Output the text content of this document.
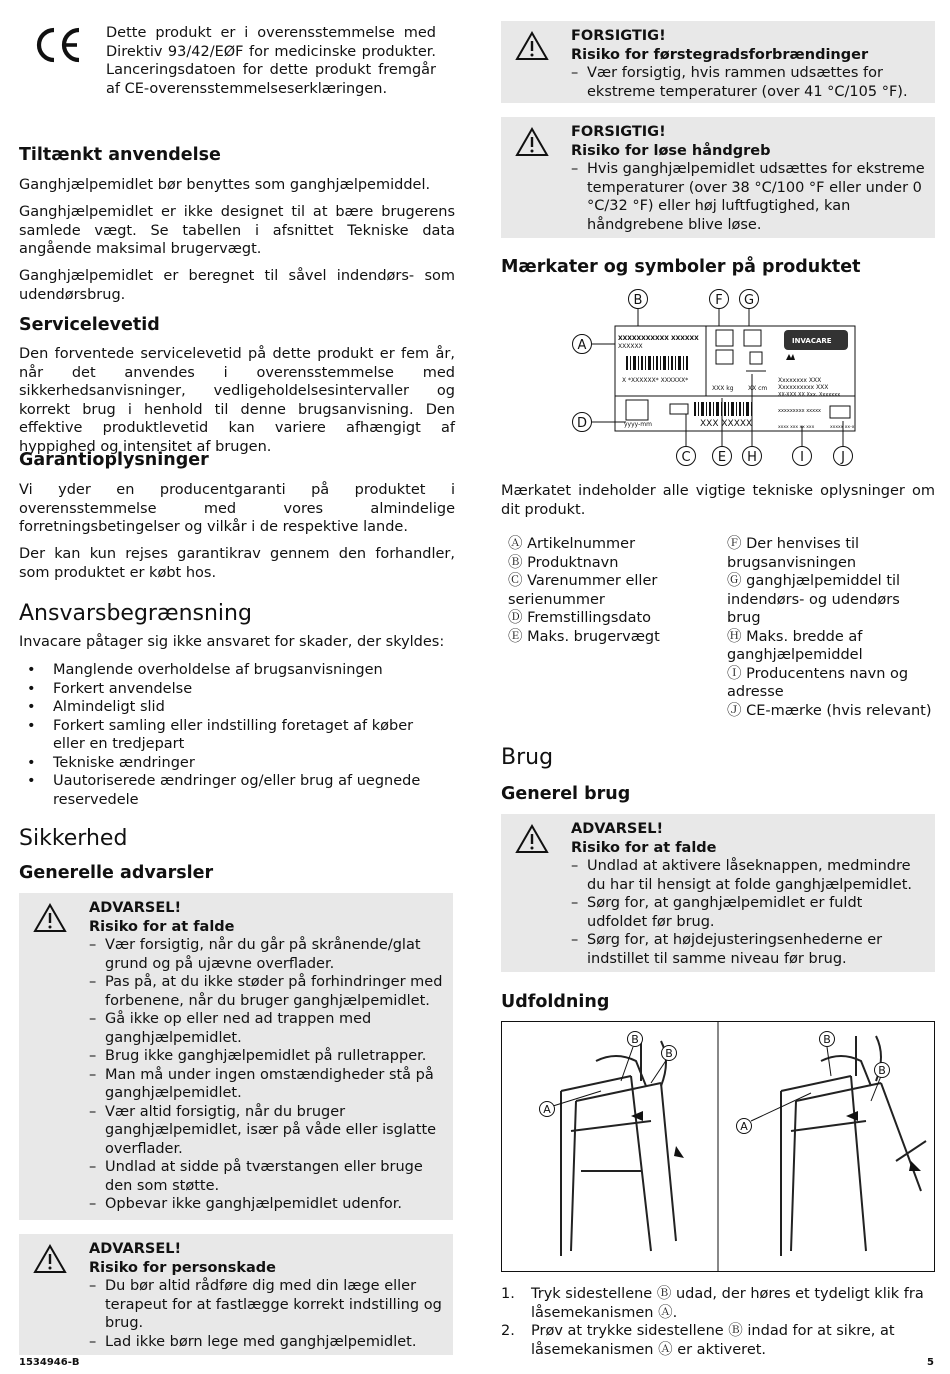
Dette produkt er i overensstemmelse med Direktiv 93/42/EØF for medicinske produkter. Lanceringsdatoen for dette produkt fremgår af CE-overensstemmelseserklæringen.

Tiltænkt anvendelse

Ganghjælpemidlet bør benyttes som ganghjælpemiddel.

Ganghjælpemidlet er ikke designet til at bære brugerens samlede vægt. Se tabellen i afsnittet Tekniske data angående maksimal brugervægt.

Ganghjælpemidlet er beregnet til såvel indendørs- som udendørsbrug.

Servicelevetid

Den forventede servicelevetid på dette produkt er fem år, når det anvendes i overensstemmelse med sikkerhedsanvisninger, vedligeholdelsesintervaller og korrekt brug i henhold til denne brugsanvisning. Den effektive produktlevetid kan variere afhængigt af hyppighed og intensitet af brugen.

Garantioplysninger

Vi yder en producentgaranti på produktet i overensstemmelse med vores almindelige forretningsbetingelser og vilkår i de respektive lande.

Der kan kun rejses garantikrav gennem den forhandler, som produktet er købt hos.

Ansvarsbegrænsning

Invacare påtager sig ikke ansvaret for skader, der skyldes:

• Manglende overholdelse af brugsanvisningen
• Forkert anvendelse
• Almindeligt slid
• Forkert samling eller indstilling foretaget af køber eller en tredjepart
• Tekniske ændringer
• Uautoriserede ændringer og/eller brug af uegnede reservedele
Sikkerhed
Generelle advarsler
ADVARSEL!
Risiko for at falde
– Vær forsigtig, når du går på skrånende/glat grund og på ujævne overflader.
– Pas på, at du ikke støder på forhindringer med forbenene, når du bruger ganghjælpemidlet.
– Gå ikke op eller ned ad trappen med ganghjælpemidlet.
– Brug ikke ganghjælpemidlet på rulletrapper.
– Man må under ingen omstændigheder stå på ganghjælpemidlet.
– Vær altid forsigtig, når du bruger ganghjælpemidlet, især på våde eller isglatte overflader.
– Undlad at sidde på tværstangen eller bruge den som støtte.
– Opbevar ikke ganghjælpemidlet udenfor.
ADVARSEL!
Risiko for personskade
– Du bør altid rådføre dig med din læge eller terapeut for at fastlægge korrekt indstilling og brug.
– Lad ikke børn lege med ganghjælpemidlet.
FORSIGTIG!
Risiko for førstegradsforbrændinger
– Vær forsigtig, hvis rammen udsættes for ekstreme temperaturer (over 41 °C/105 °F).
FORSIGTIG!
Risiko for løse håndgreb
– Hvis ganghjælpemidlet udsættes for ekstreme temperaturer (over 38 °C/100 °F eller under 0 °C/32 °F) eller høj luftfugtighed, kan håndgrebene blive løse.
Mærkater og symboler på produktet
XXXXXXXXXXX XXXXXX
XXXXXX
X *XXXXXX* XXXXXX*
XXX kg XX cm
INVACARE
Xxxxxxxx XXX
Xxxxxxxxxx XXX
XX-XXX XX Xxx, Xxxxxxx
xxxxxxxxx xxxxx
yyyy-mm	XXX XXXXX	xxxx xxx xx xxx	xxxxx xx-x
B	F G
A
D
C E H	I	J

Mærkatet indeholder alle vigtige tekniske oplysninger om dit produkt.

Ⓐ Artikelnummer
Ⓑ Produktnavn
Ⓒ Varenummer eller serienummer
Ⓓ Fremstillingsdato
Ⓔ Maks. brugervægt
Ⓕ Der henvises til brugsanvisningen
Ⓖ ganghjælpemiddel til indendørs- og udendørs brug
Ⓗ Maks. bredde af ganghjælpemiddel
Ⓘ Producentens navn og adresse
Ⓙ CE-mærke (hvis relevant)
Brug
Generel brug
ADVARSEL!
Risiko for at falde
– Undlad at aktivere låseknappen, medmindre du har til hensigt at folde ganghjælpemidlet.
– Sørg for, at ganghjælpemidlet er fuldt udfoldet før brug.
– Sørg for, at højdejusteringsenhederne er indstillet til samme niveau før brug.
Udfoldning
A
B
B
A
B
B
1. Tryk sidestellene Ⓑ udad, der høres et tydeligt klik fra låsemekanismen Ⓐ.
2. Prøv at trykke sidestellene Ⓑ indad for at sikre, at låsemekanismen Ⓐ er aktiveret.
1534946-B	5
